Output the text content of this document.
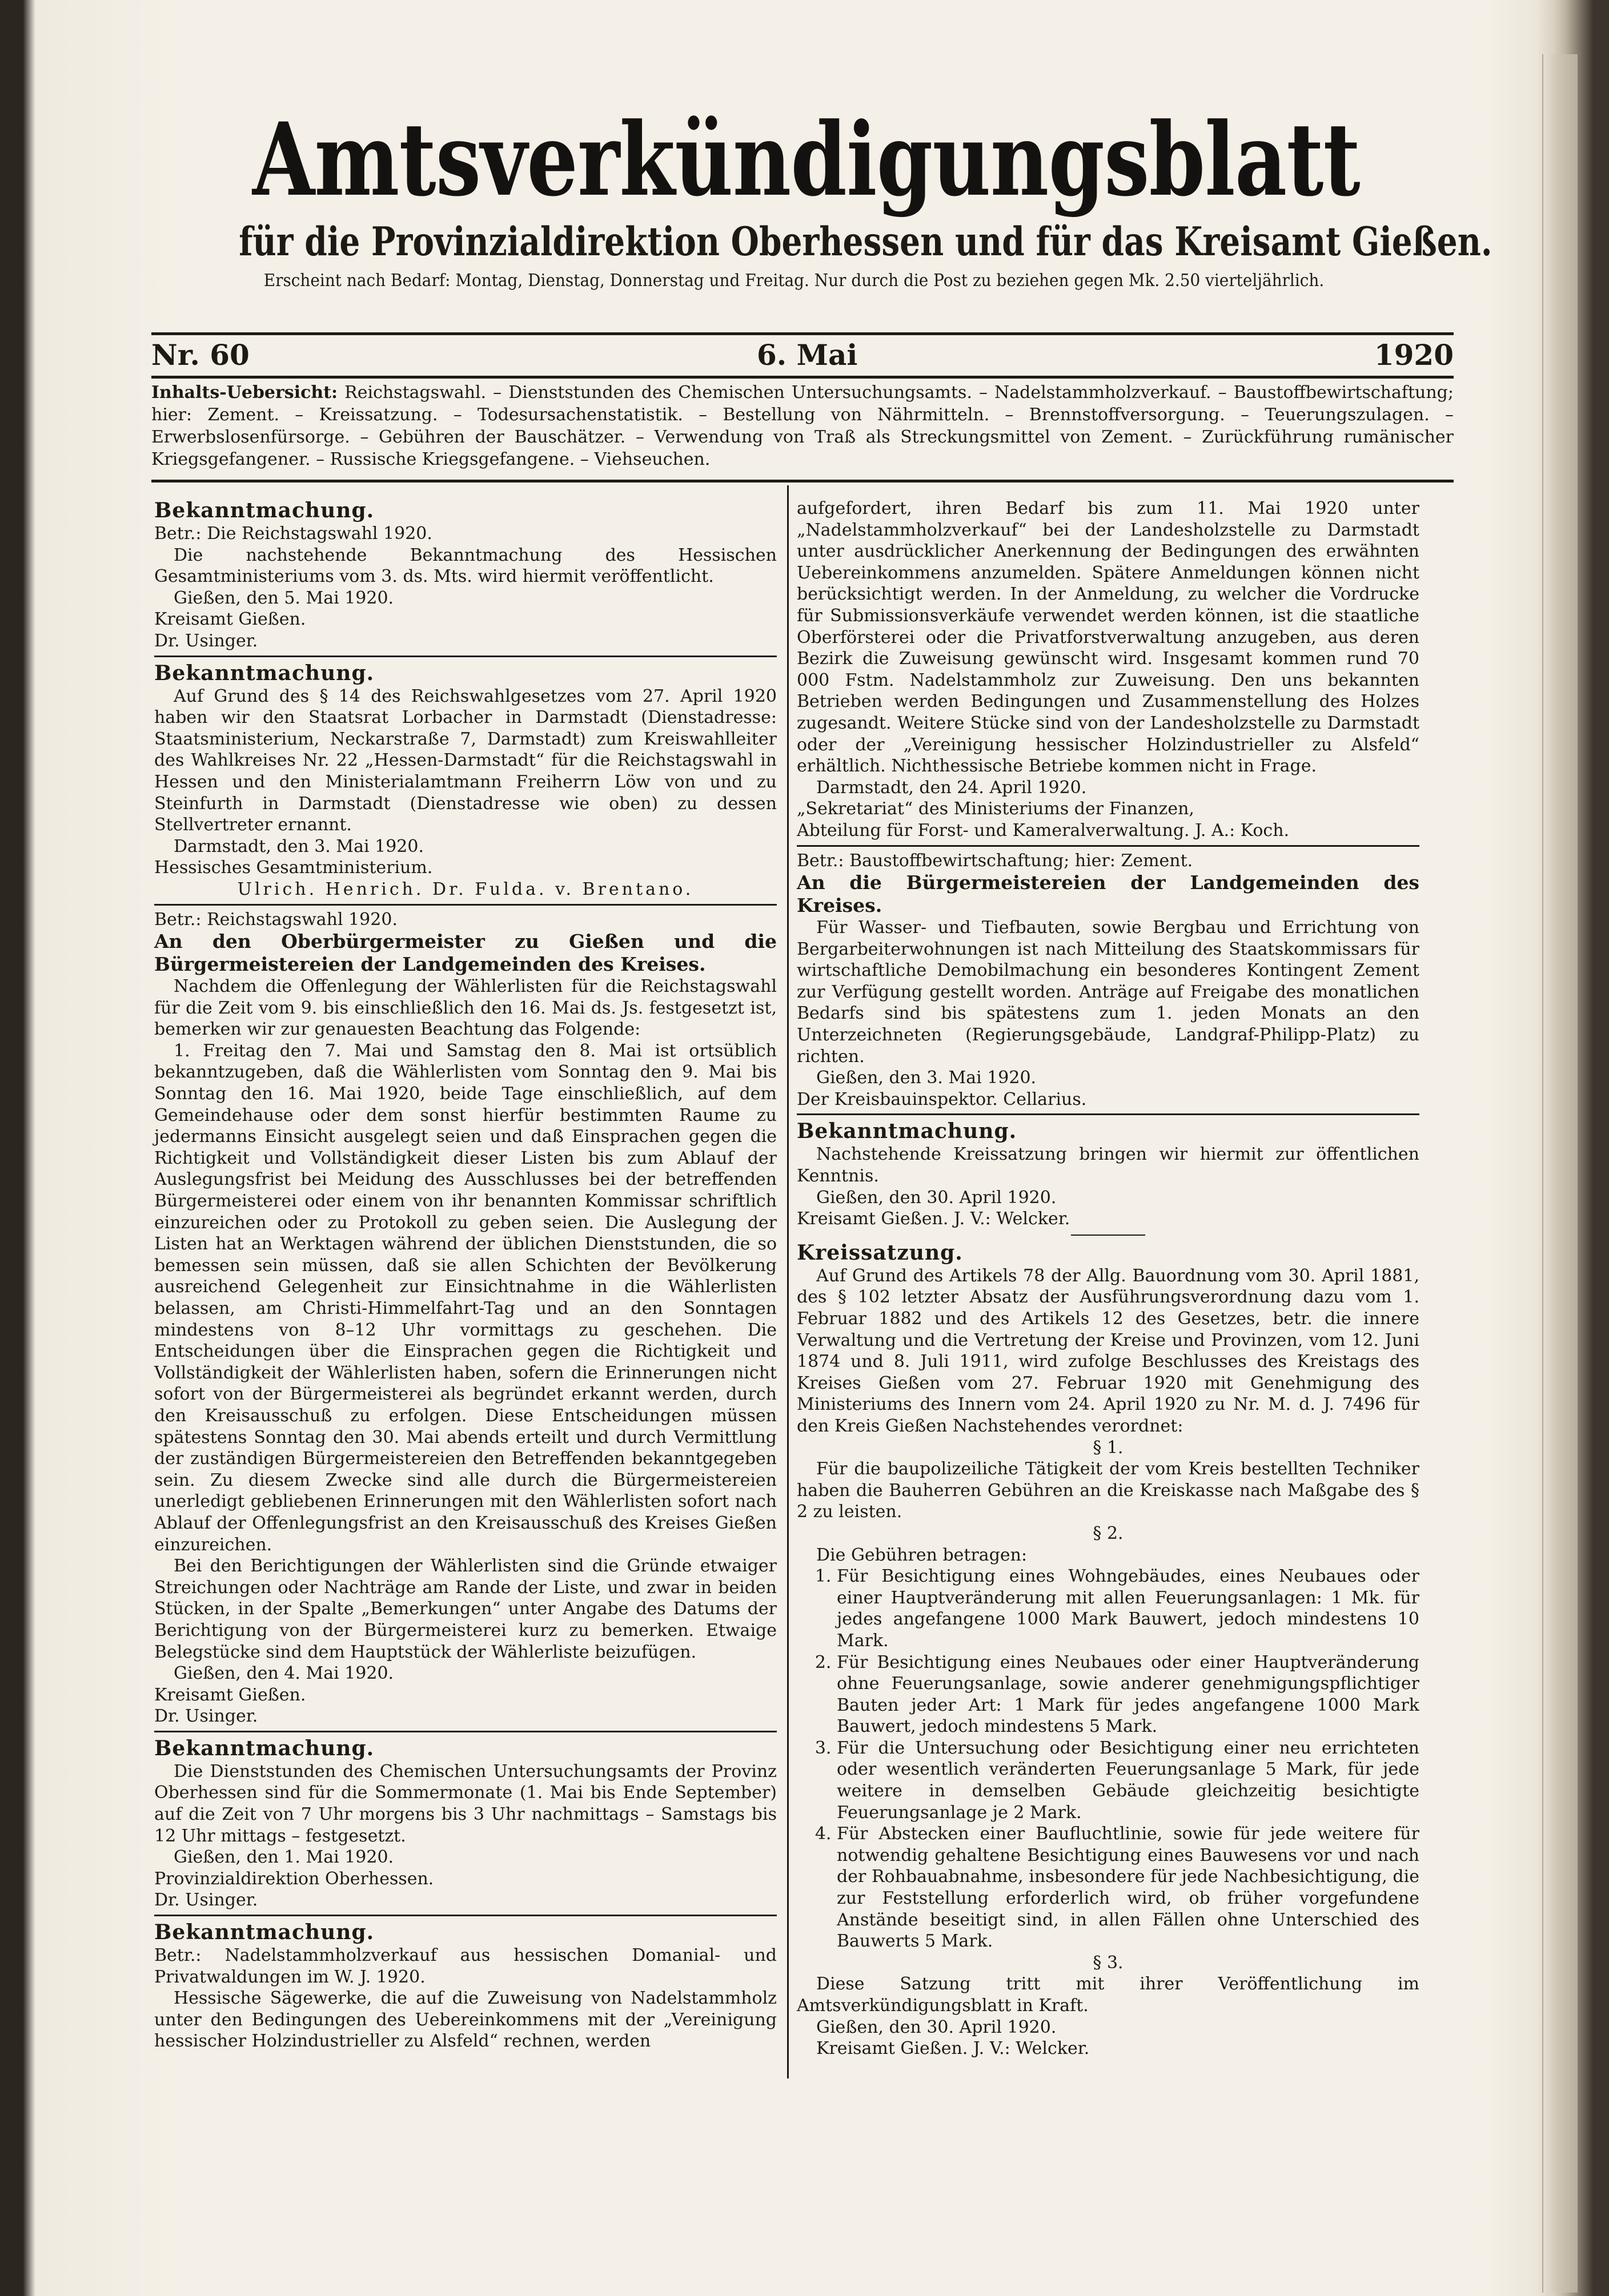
Amtsverkündigungsblatt
für die Provinzialdirektion Oberhessen und für das Kreisamt Gießen.
Erscheint nach Bedarf: Montag, Dienstag, Donnerstag und Freitag. Nur durch die Post zu beziehen gegen Mk. 2.50 vierteljährlich.
Nr. 60	6. Mai	1920
Inhalts-Uebersicht: Reichstagswahl. – Dienststunden des Chemischen Untersuchungsamts. – Nadelstammholzverkauf. – Baustoffbewirtschaftung; hier: Zement. – Kreissatzung. – Todesursachenstatistik. – Bestellung von Nährmitteln. – Brennstoffversorgung. – Teuerungszulagen. – Erwerbslosenfürsorge. – Gebühren der Bauschätzer. – Verwendung von Traß als Streckungsmittel von Zement. – Zurückführung rumänischer Kriegsgefangener. – Russische Kriegsgefangene. – Viehseuchen.

Bekanntmachung.

Betr.: Die Reichstagswahl 1920.

Die nachstehende Bekanntmachung des Hessischen Gesamtministeriums vom 3. ds. Mts. wird hiermit veröffentlicht.

Gießen, den 5. Mai 1920.

Kreisamt Gießen.

Dr. Usinger.

Bekanntmachung.

Auf Grund des § 14 des Reichswahlgesetzes vom 27. April 1920 haben wir den Staatsrat Lorbacher in Darmstadt (Dienstadresse: Staatsministerium, Neckarstraße 7, Darmstadt) zum Kreiswahlleiter des Wahlkreises Nr. 22 „Hessen-Darmstadt“ für die Reichstagswahl in Hessen und den Ministerialamtmann Freiherrn Löw von und zu Steinfurth in Darmstadt (Dienstadresse wie oben) zu dessen Stellvertreter ernannt.

Darmstadt, den 3. Mai 1920.

Hessisches Gesamtministerium.

Ulrich. Henrich. Dr. Fulda. v. Brentano.

Betr.: Reichstagswahl 1920.

An den Oberbürgermeister zu Gießen und die Bürgermeistereien der Landgemeinden des Kreises.

Nachdem die Offenlegung der Wählerlisten für die Reichstagswahl für die Zeit vom 9. bis einschließlich den 16. Mai ds. Js. festgesetzt ist, bemerken wir zur genauesten Beachtung das Folgende:

1. Freitag den 7. Mai und Samstag den 8. Mai ist ortsüblich bekanntzugeben, daß die Wählerlisten vom Sonntag den 9. Mai bis Sonntag den 16. Mai 1920, beide Tage einschließlich, auf dem Gemeindehause oder dem sonst hierfür bestimmten Raume zu jedermanns Einsicht ausgelegt seien und daß Einsprachen gegen die Richtigkeit und Vollständigkeit dieser Listen bis zum Ablauf der Auslegungsfrist bei Meidung des Ausschlusses bei der betreffenden Bürgermeisterei oder einem von ihr benannten Kommissar schriftlich einzureichen oder zu Protokoll zu geben seien. Die Auslegung der Listen hat an Werktagen während der üblichen Dienststunden, die so bemessen sein müssen, daß sie allen Schichten der Bevölkerung ausreichend Gelegenheit zur Einsichtnahme in die Wählerlisten belassen, am Christi-Himmelfahrt-Tag und an den Sonntagen mindestens von 8–12 Uhr vormittags zu geschehen. Die Entscheidungen über die Einsprachen gegen die Richtigkeit und Vollständigkeit der Wählerlisten haben, sofern die Erinnerungen nicht sofort von der Bürgermeisterei als begründet erkannt werden, durch den Kreisausschuß zu erfolgen. Diese Entscheidungen müssen spätestens Sonntag den 30. Mai abends erteilt und durch Vermittlung der zuständigen Bürgermeistereien den Betreffenden bekanntgegeben sein. Zu diesem Zwecke sind alle durch die Bürgermeistereien unerledigt gebliebenen Erinnerungen mit den Wählerlisten sofort nach Ablauf der Offenlegungsfrist an den Kreisausschuß des Kreises Gießen einzureichen.

Bei den Berichtigungen der Wählerlisten sind die Gründe etwaiger Streichungen oder Nachträge am Rande der Liste, und zwar in beiden Stücken, in der Spalte „Bemerkungen“ unter Angabe des Datums der Berichtigung von der Bürgermeisterei kurz zu bemerken. Etwaige Belegstücke sind dem Hauptstück der Wählerliste beizufügen.

Gießen, den 4. Mai 1920.

Kreisamt Gießen.

Dr. Usinger.

Bekanntmachung.

Die Dienststunden des Chemischen Untersuchungsamts der Provinz Oberhessen sind für die Sommermonate (1. Mai bis Ende September) auf die Zeit von 7 Uhr morgens bis 3 Uhr nachmittags – Samstags bis 12 Uhr mittags – festgesetzt.

Gießen, den 1. Mai 1920.

Provinzialdirektion Oberhessen.

Dr. Usinger.

Bekanntmachung.

Betr.: Nadelstammholzverkauf aus hessischen Domanial- und Privatwaldungen im W. J. 1920.

Hessische Sägewerke, die auf die Zuweisung von Nadelstammholz unter den Bedingungen des Uebereinkommens mit der „Vereinigung hessischer Holzindustrieller zu Alsfeld“ rechnen, werden

aufgefordert, ihren Bedarf bis zum 11. Mai 1920 unter „Nadelstammholzverkauf“ bei der Landesholzstelle zu Darmstadt unter ausdrücklicher Anerkennung der Bedingungen des erwähnten Uebereinkommens anzumelden. Spätere Anmeldungen können nicht berücksichtigt werden. In der Anmeldung, zu welcher die Vordrucke für Submissionsverkäufe verwendet werden können, ist die staatliche Oberförsterei oder die Privatforstverwaltung anzugeben, aus deren Bezirk die Zuweisung gewünscht wird. Insgesamt kommen rund 70 000 Fstm. Nadelstammholz zur Zuweisung. Den uns bekannten Betrieben werden Bedingungen und Zusammenstellung des Holzes zugesandt. Weitere Stücke sind von der Landesholzstelle zu Darmstadt oder der „Vereinigung hessischer Holzindustrieller zu Alsfeld“ erhältlich. Nichthessische Betriebe kommen nicht in Frage.

Darmstadt, den 24. April 1920.

„Sekretariat“ des Ministeriums der Finanzen,

Abteilung für Forst- und Kameralverwaltung. J. A.: Koch.

Betr.: Baustoffbewirtschaftung; hier: Zement.

An die Bürgermeistereien der Landgemeinden des Kreises.

Für Wasser- und Tiefbauten, sowie Bergbau und Errichtung von Bergarbeiterwohnungen ist nach Mitteilung des Staatskommissars für wirtschaftliche Demobilmachung ein besonderes Kontingent Zement zur Verfügung gestellt worden. Anträge auf Freigabe des monatlichen Bedarfs sind bis spätestens zum 1. jeden Monats an den Unterzeichneten (Regierungsgebäude, Landgraf-Philipp-Platz) zu richten.

Gießen, den 3. Mai 1920.

Der Kreisbauinspektor. Cellarius.

Bekanntmachung.

Nachstehende Kreissatzung bringen wir hiermit zur öffentlichen Kenntnis.

Gießen, den 30. April 1920.

Kreisamt Gießen. J. V.: Welcker.

Kreissatzung.

Auf Grund des Artikels 78 der Allg. Bauordnung vom 30. April 1881, des § 102 letzter Absatz der Ausführungsverordnung dazu vom 1. Februar 1882 und des Artikels 12 des Gesetzes, betr. die innere Verwaltung und die Vertretung der Kreise und Provinzen, vom 12. Juni 1874 und 8. Juli 1911, wird zufolge Beschlusses des Kreistags des Kreises Gießen vom 27. Februar 1920 mit Genehmigung des Ministeriums des Innern vom 24. April 1920 zu Nr. M. d. J. 7496 für den Kreis Gießen Nachstehendes verordnet:

§ 1.

Für die baupolizeiliche Tätigkeit der vom Kreis bestellten Techniker haben die Bauherren Gebühren an die Kreiskasse nach Maßgabe des § 2 zu leisten.

§ 2.

Die Gebühren betragen:

1. Für Besichtigung eines Wohngebäudes, eines Neubaues oder einer Hauptveränderung mit allen Feuerungsanlagen: 1 Mk. für jedes angefangene 1000 Mark Bauwert, jedoch mindestens 10 Mark.
2. Für Besichtigung eines Neubaues oder einer Hauptveränderung ohne Feuerungsanlage, sowie anderer genehmigungspflichtiger Bauten jeder Art: 1 Mark für jedes angefangene 1000 Mark Bauwert, jedoch mindestens 5 Mark.
3. Für die Untersuchung oder Besichtigung einer neu errichteten oder wesentlich veränderten Feuerungsanlage 5 Mark, für jede weitere in demselben Gebäude gleichzeitig besichtigte Feuerungsanlage je 2 Mark.
4. Für Abstecken einer Baufluchtlinie, sowie für jede weitere für notwendig gehaltene Besichtigung eines Bauwesens vor und nach der Rohbauabnahme, insbesondere für jede Nachbesichtigung, die zur Feststellung erforderlich wird, ob früher vorgefundene Anstände beseitigt sind, in allen Fällen ohne Unterschied des Bauwerts 5 Mark.

§ 3.

Diese Satzung tritt mit ihrer Veröffentlichung im Amtsverkündigungsblatt in Kraft.

Gießen, den 30. April 1920.

Kreisamt Gießen. J. V.: Welcker.
